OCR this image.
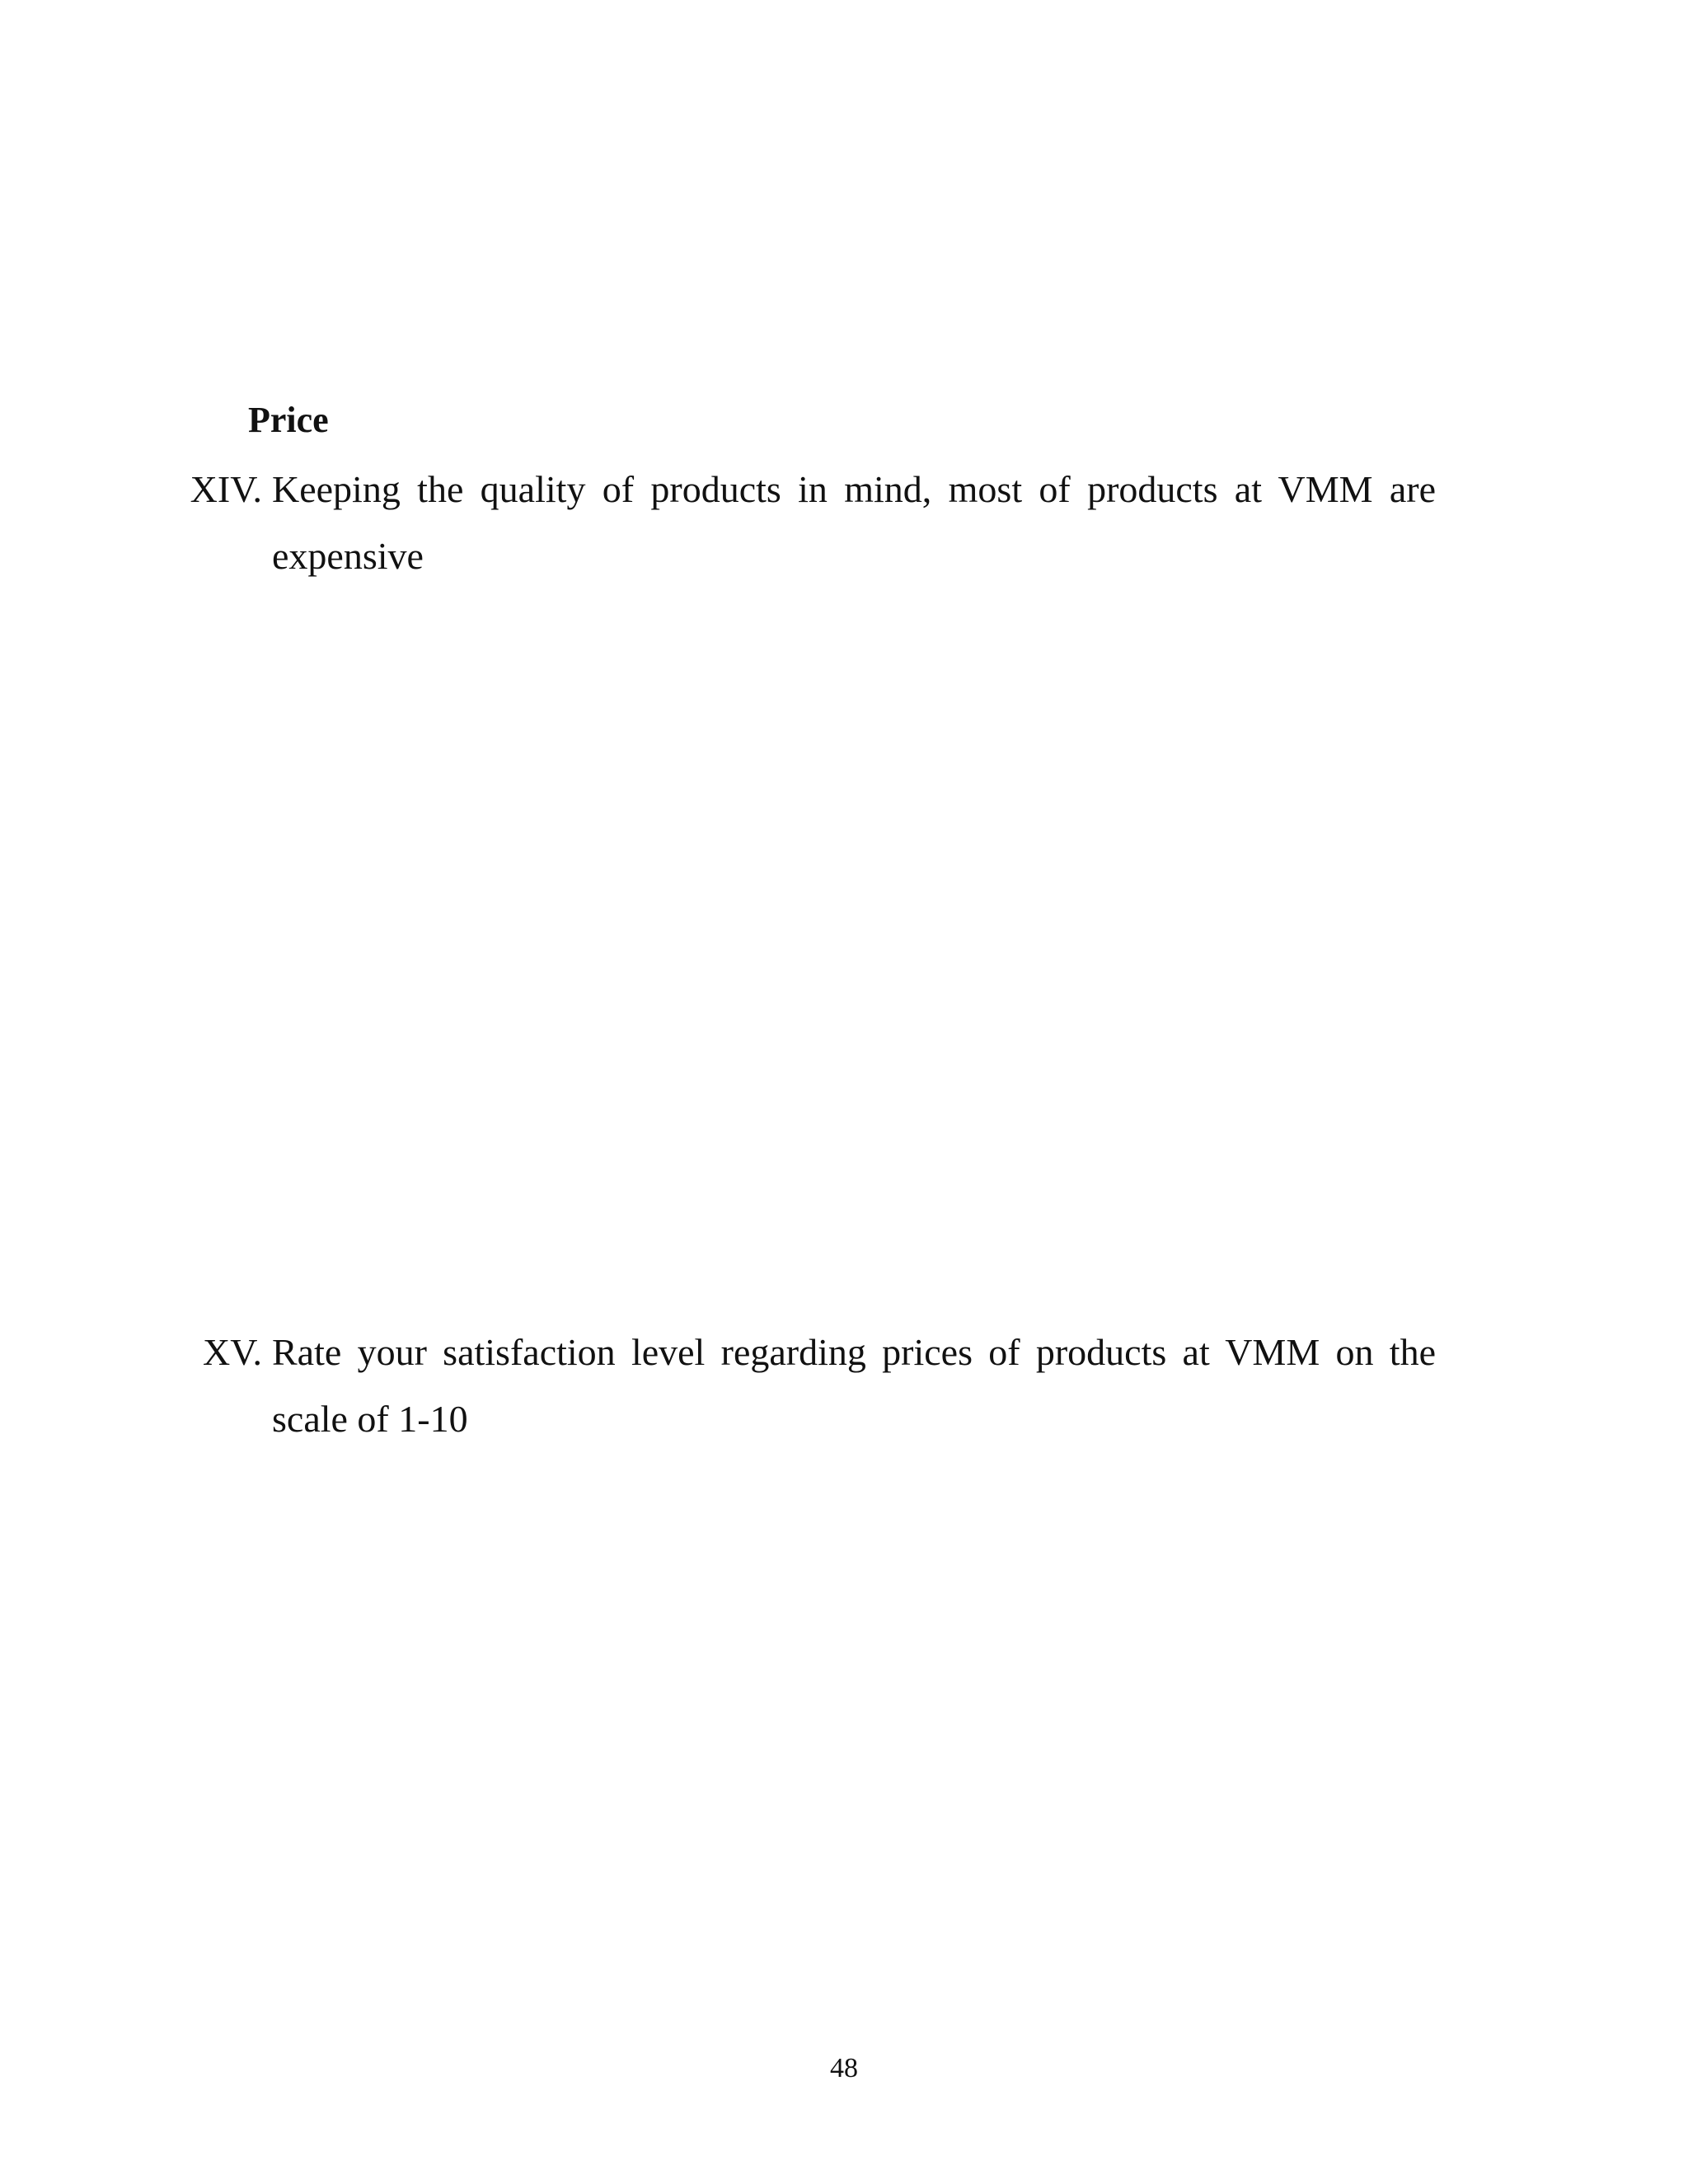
Price
XIV. Keeping the quality of products in mind, most of products at VMM are expensive
XV. Rate your satisfaction level regarding prices of products at VMM on the scale of 1-10
48
